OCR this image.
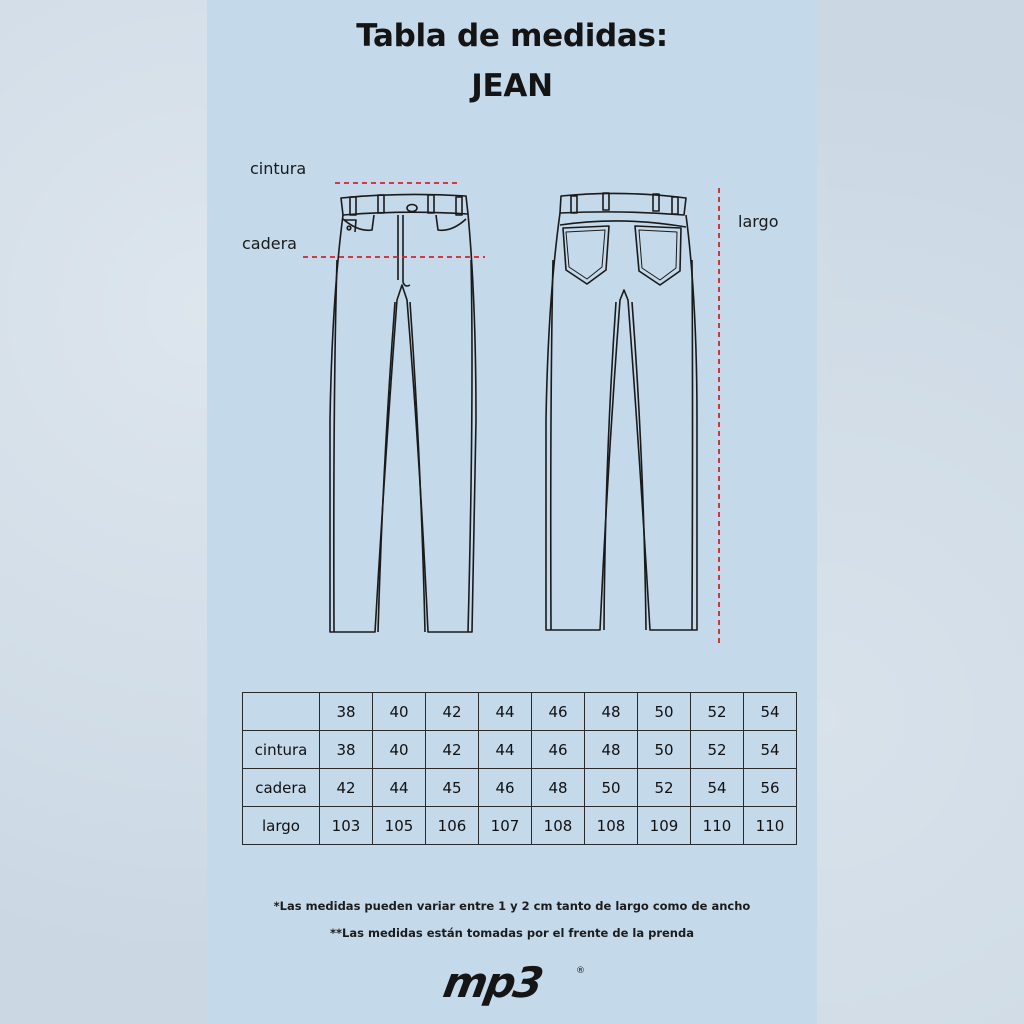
Tabla de medidas:
JEAN
cintura
cadera
largo
	38	40	42	44	46	48	50	52	54
cintura	38	40	42	44	46	48	50	52	54
cadera	42	44	45	46	48	50	52	54	56
largo	103	105	106	107	108	108	109	110	110
*Las medidas pueden variar entre 1 y 2 cm tanto de largo como de ancho
**Las medidas están tomadas por el frente de la prenda
mp3	®
